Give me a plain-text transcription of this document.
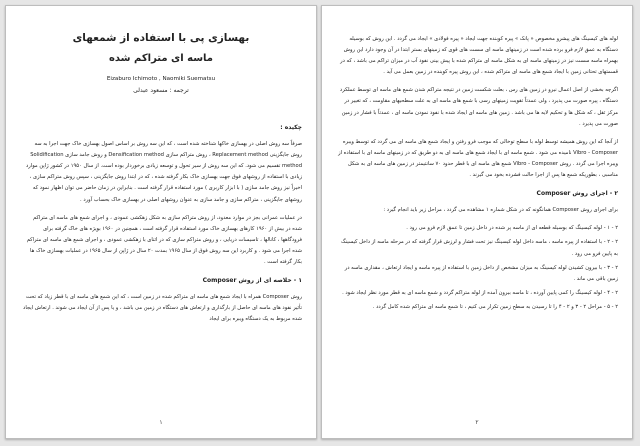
بهسازی پی با استفاده از شمعهای
ماسه ای متراکم شده
Eizaburo Ichimoto , Naomiki Suematsu
ترجمه : مسعود عبدلی
چکیده :

صرفاً سه روش اصلی در بهسازی خاکها شناخته شده است ، که این سه روش بر اساس اصول بهسازی خاک جهت اجرا به سه روش جایگزینی Replacement method ، روش متراکم سازی Densification method و روش جامد سازی Solidification method تقسیم می شود. که این سه روش از سیر تحول و توسعه زیادی برخوردار بوده است. از سال ۱۹۵۰ در کشور ژاپن موارد زیادی با استفاده از روشهای فوق جهت بهسازی خاک بکار گرفته شده ، که در ابتدا روش جایگزینی ، سپس روش متراکم سازی ، اخیراً نیز روش جامد سازی ( با ابزار کاربری ) مورد استفاده قرار گرفته است . بنابراین در زمان حاضر می توان اظهار نمود که روشهای جایگزینی ، متراکم سازی و جامد سازی به عنوان روشهای اصلی در بهسازی خاک بحساب آورد .

در عملیات عمرانی بجز در موارد معدود، از روش متراکم سازی به شکل زهکشی عمودی ، و اجرای شمع های ماسه ای متراکم شده در بیش از ۱۹۶۰ کارهای بهسازی خاک مورد استفاده قرار گرفته است ، همچنین در ۱۹۶۰ بویژه های خاک گرفته برای فرودگاهها ، کانالها ، تاسیسات دریایی ، و روش متراکم سازی که در اثنای با زهکشی عمودی ، و اجرای شمع های ماسه ای متراکم شده اجرا می شود . و کاربرد این سه روش فوق از سال ۱۹۶۵ بمدت ۲۰ سال در ژاپن از سال ۱۹۶۵ در عملیات بهسازی خاک ها بکار گرفته است .

۱ - خلاصه ای از روش Composer

روش Composer همراه با ایجاد شمع های ماسه ای متراکم شده در زمین است ، که این شمع های ماسه ای با قطر زیاد که تحت تأثیر نفوذ های ماسه ای حاصل از بارگذاری و ارتعاش های دستگاه در زمین می باشد ، و یا پس از آن ایجاد می شوند . ارتعاش ایجاد شده مربوط به یک دستگاه ویبره برای ایجاد

۱

لوله های کیسینگ های پیشرو مخصوص « پانک » پیره کوبنده جهت ایجاد « پیره فولادی » ایجاد می گردد . این روش که بوسیله دستگاه به عمق لازم فرو برده شده است در زمینهای ماسه ای سست های قوی که زمینهای بستر ابتدا در آن وجود دارد این روش بهمراه ماسه سست نیز در زمینهای ماسه ای به شکل ماسه ای متراکم شده با پیش بینی نفوذ آب در میزان تراکم می باشد ، که در قسمتهای تحتانی زمین با ایجاد شمع های ماسه ای متراکم شده ، این روش پیره کوبنده در زمین بعمل می آید .

اگرچه بخشی از اصل اعمال نیرو در زمین های رس ، بعلت شکست زمین در نتیجه متراکم شدن شمع های ماسه ای توسط عملکرد دستگاه ، پیره صورت می پذیرد ، ولی عمدتاً تقویت زمینهای رسی با شمع های ماسه ای به علت سطحیهای مقاومت ، که تغییر در مرکز ثقل ، که شکل ها و تحکیم لایه ها می باشد . زمین های ماسه ای ایجاد شده با نفوذ نمودن ماسه ای ، عمدتاً با فشار در زمین صورت می پذیرد .

از آنجا که این روش همیشه توسط لوله با سطح توخالی که موجب فرو رفتن و ایجاد شمع های ماسه ای می گردد که توسط ویبره Vibro - Composer نامیده می شود . شمع ماسه ای با ایجاد شمع های ماسه ای به دو طریق که در زمینهای ماسه ای با استفاده از ویبره اجرا می گردد . روش Vibro - Composer شمع های ماسه ای با قطر حدود ۷۰ سانتیمتر در زمین های ماسه ای به شکل مناسبی ، بطوریکه شمع ها پس از اجرا حالت فشرده بخود می گیرند .

۲ - اجرای روش Composer

برای اجرای روش Composer همانگونه که در شکل شماره ۱ مشاهده می گردد ، مراحل زیر باید انجام گیرد :

۲ - ۱ - لوله کیسینگ که بوسیله قطعه ای از ماسه پر شده در داخل زمین تا عمق لازم فرو می رود .
۲ - ۲ - با استفاده از پیره ماسه ، ماسه داخل لوله کیسینگ نیز تحت فشار و لرزش قرار گرفته که در مرحله ماسه از داخل کیسینگ به پایین فرو می رود .
۲ - ۳ - با بیرون کشیدن لوله کیسینگ به میزان مشخص از داخل زمین با استفاده از پیره ماسه و ایجاد ارتعاش ، مقداری ماسه در زمین باقی می ماند .
۲ - ۴ - لوله کیسینگ را کمی پایین آورده ، تا ماسه بیرون آمده از لوله متراکم گردد و شمع ماسه ای به قطر مورد نظر ایجاد شود .
۲ - ۵ - مراحل ۲ - ۳ و ۲ - ۴ را تا رسیدن به سطح زمین تکرار می کنیم ، تا شمع ماسه ای متراکم شده کامل گردد .
۲
